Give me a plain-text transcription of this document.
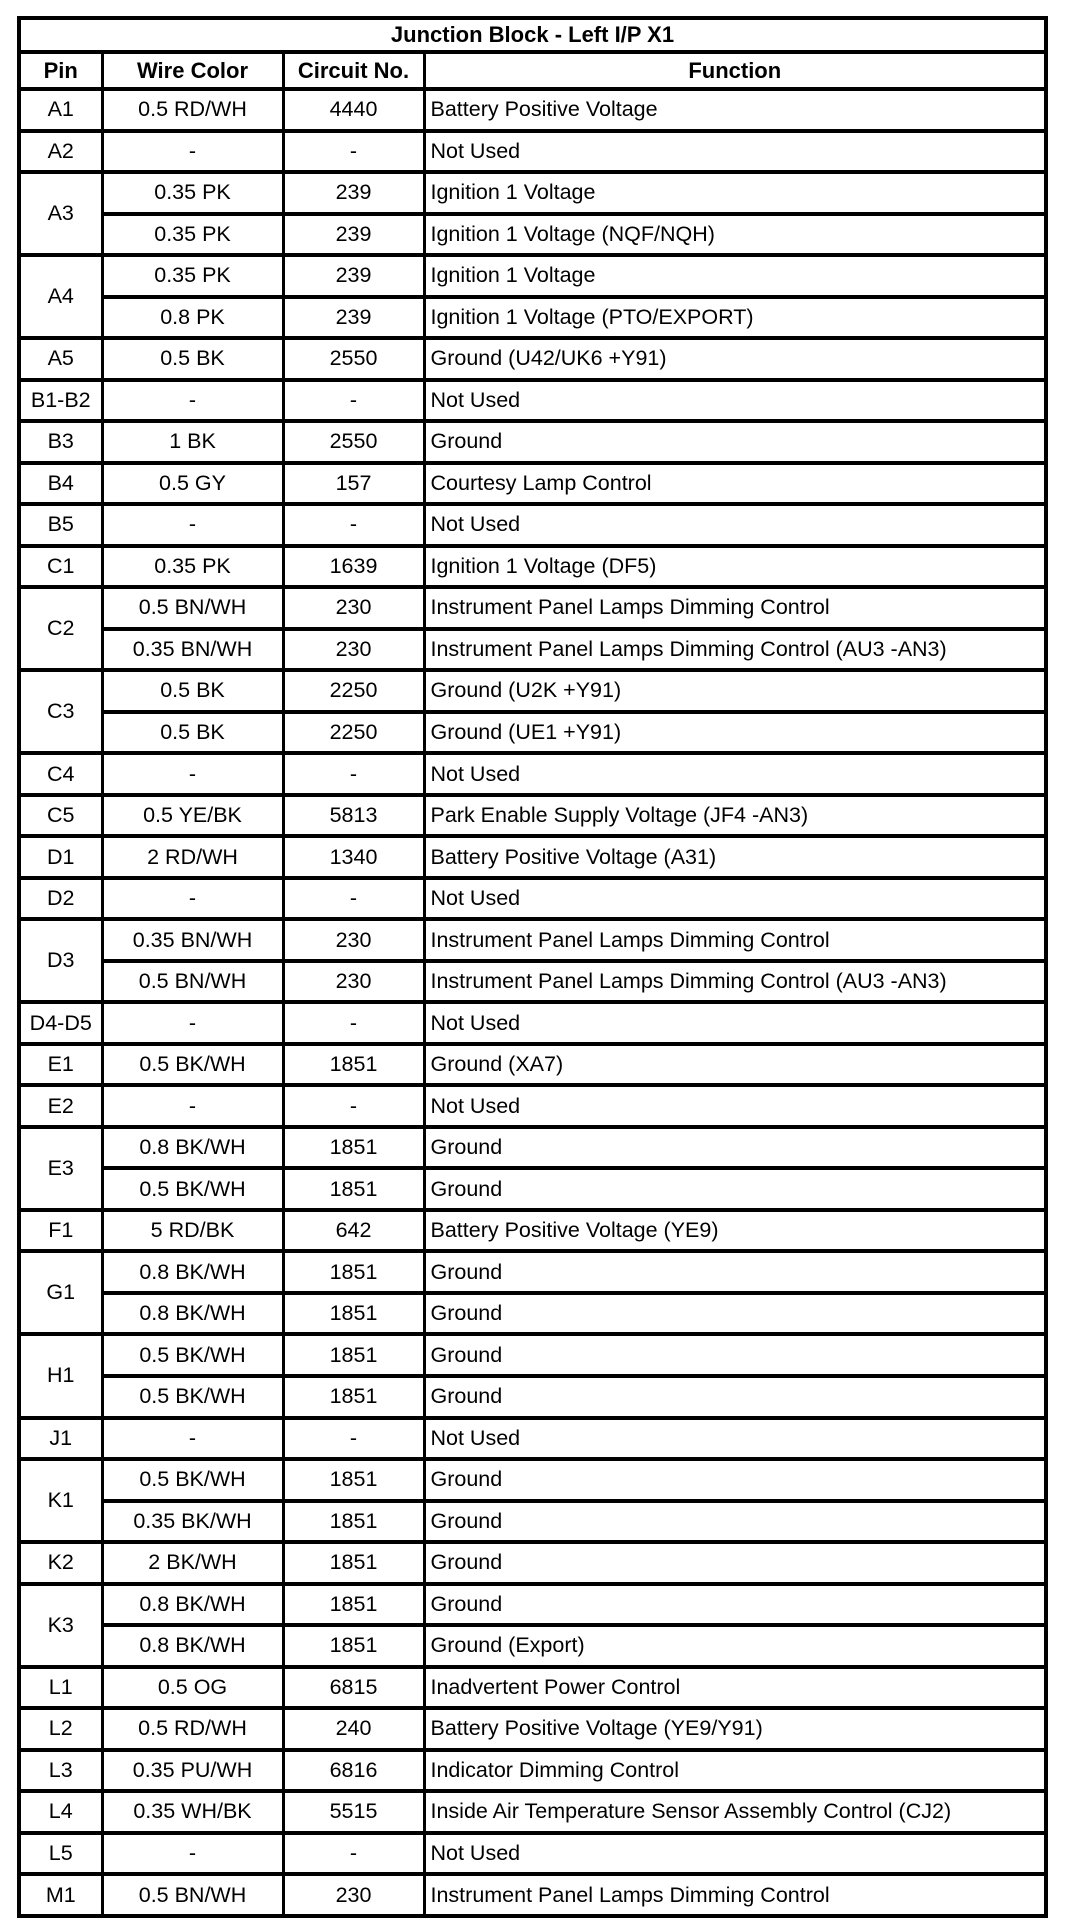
Junction Block - Left I/P X1			
Pin	Wire Color	Circuit No.	Function
A1	0.5 RD/WH	4440	Battery Positive Voltage
A2	-	-	Not Used
A3	0.35 PK	239	Ignition 1 Voltage
	0.35 PK	239	Ignition 1 Voltage (NQF/NQH)
A4	0.35 PK	239	Ignition 1 Voltage
	0.8 PK	239	Ignition 1 Voltage (PTO/EXPORT)
A5	0.5 BK	2550	Ground (U42/UK6 +Y91)
B1-B2	-	-	Not Used
B3	1 BK	2550	Ground
B4	0.5 GY	157	Courtesy Lamp Control
B5	-	-	Not Used
C1	0.35 PK	1639	Ignition 1 Voltage (DF5)
C2	0.5 BN/WH	230	Instrument Panel Lamps Dimming Control
	0.35 BN/WH	230	Instrument Panel Lamps Dimming Control (AU3 -AN3)
C3	0.5 BK	2250	Ground (U2K +Y91)
	0.5 BK	2250	Ground (UE1 +Y91)
C4	-	-	Not Used
C5	0.5 YE/BK	5813	Park Enable Supply Voltage (JF4 -AN3)
D1	2 RD/WH	1340	Battery Positive Voltage (A31)
D2	-	-	Not Used
D3	0.35 BN/WH	230	Instrument Panel Lamps Dimming Control
	0.5 BN/WH	230	Instrument Panel Lamps Dimming Control (AU3 -AN3)
D4-D5	-	-	Not Used
E1	0.5 BK/WH	1851	Ground (XA7)
E2	-	-	Not Used
E3	0.8 BK/WH	1851	Ground
	0.5 BK/WH	1851	Ground
F1	5 RD/BK	642	Battery Positive Voltage (YE9)
G1	0.8 BK/WH	1851	Ground
	0.8 BK/WH	1851	Ground
H1	0.5 BK/WH	1851	Ground
	0.5 BK/WH	1851	Ground
J1	-	-	Not Used
K1	0.5 BK/WH	1851	Ground
	0.35 BK/WH	1851	Ground
K2	2 BK/WH	1851	Ground
K3	0.8 BK/WH	1851	Ground
	0.8 BK/WH	1851	Ground (Export)
L1	0.5 OG	6815	Inadvertent Power Control
L2	0.5 RD/WH	240	Battery Positive Voltage (YE9/Y91)
L3	0.35 PU/WH	6816	Indicator Dimming Control
L4	0.35 WH/BK	5515	Inside Air Temperature Sensor Assembly Control (CJ2)
L5	-	-	Not Used
M1	0.5 BN/WH	230	Instrument Panel Lamps Dimming Control
